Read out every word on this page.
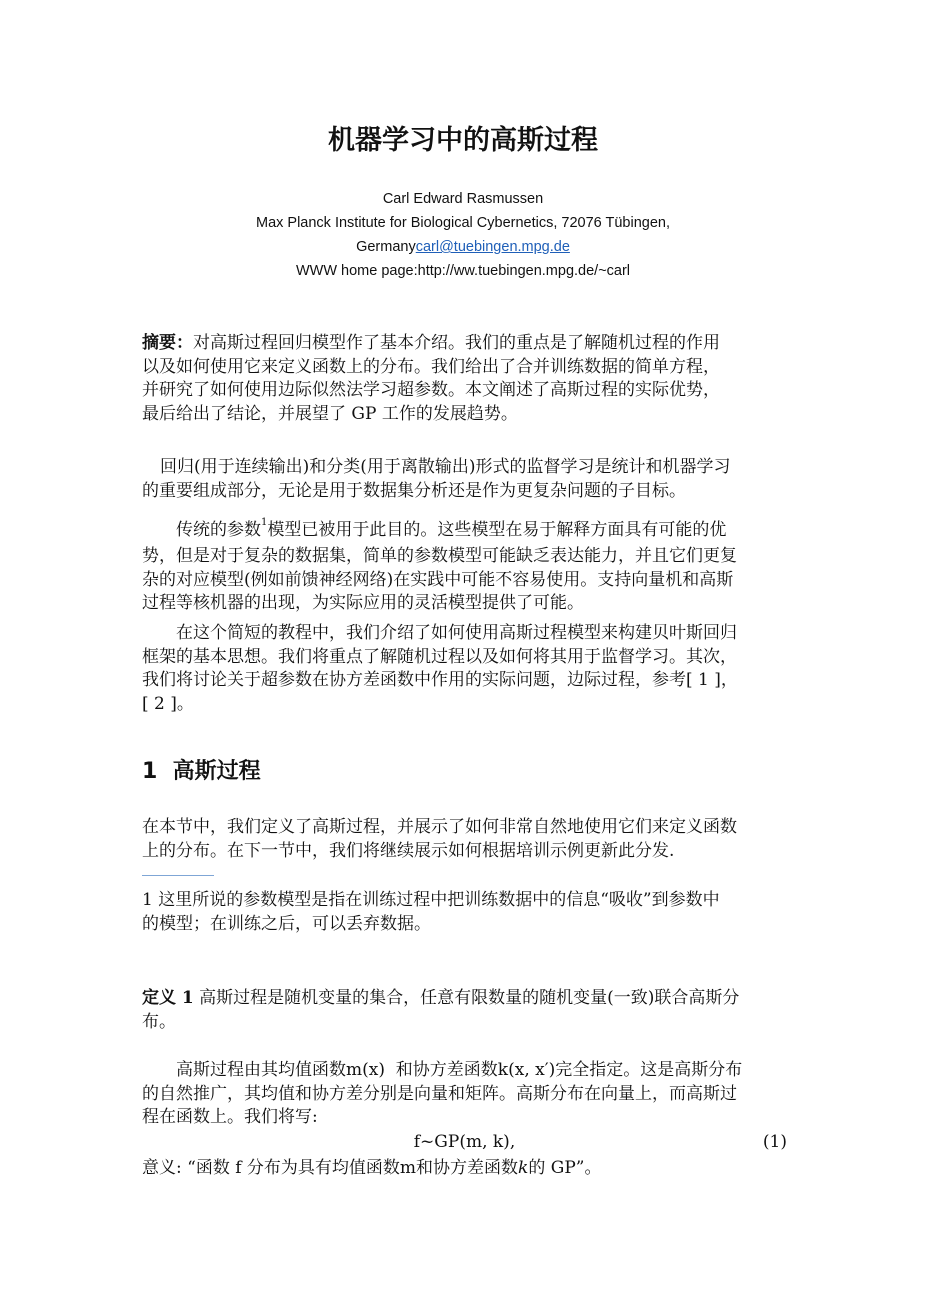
机器学习中的高斯过程
Carl Edward Rasmussen
Max Planck Institute for Biological Cybernetics, 72076 Tübingen,
Germanycarl@tuebingen.mpg.de
WWW home page:http://ww.tuebingen.mpg.de/~carl
摘要：对高斯过程回归模型作了基本介绍。我们的重点是了解随机过程的作用
以及如何使用它来定义函数上的分布。我们给出了合并训练数据的简单方程，
并研究了如何使用边际似然法学习超参数。本文阐述了高斯过程的实际优势，
最后给出了结论，并展望了 GP 工作的发展趋势。
回归(用于连续输出)和分类(用于离散输出)形式的监督学习是统计和机器学习
的重要组成部分，无论是用于数据集分析还是作为更复杂问题的子目标。
传统的参数$^1$模型已被用于此目的。这些模型在易于解释方面具有可能的优
势，但是对于复杂的数据集，简单的参数模型可能缺乏表达能力，并且它们更复
杂的对应模型(例如前馈神经网络)在实践中可能不容易使用。支持向量机和高斯
过程等核机器的出现，为实际应用的灵活模型提供了可能。
在这个简短的教程中，我们介绍了如何使用高斯过程模型来构建贝叶斯回归
框架的基本思想。我们将重点了解随机过程以及如何将其用于监督学习。其次，
我们将讨论关于超参数在协方差函数中作用的实际问题，边际过程，参考[ 1 ]，
[ 2 ]。
1 高斯过程
在本节中，我们定义了高斯过程，并展示了如何非常自然地使用它们来定义函数
上的分布。在下一节中，我们将继续展示如何根据培训示例更新此分发.
1 这里所说的参数模型是指在训练过程中把训练数据中的信息“吸收”到参数中
的模型；在训练之后，可以丢弃数据。
定义 1 高斯过程是随机变量的集合，任意有限数量的随机变量(一致)联合高斯分
布。
高斯过程由其均值函数m(x)  和协方差函数k(x, x′)完全指定。这是高斯分布
的自然推广，其均值和协方差分别是向量和矩阵。高斯分布在向量上，而高斯过
程在函数上。我们将写:
f~GP(m, k),	(1)
意义: “函数 f 分布为具有均值函数m和协方差函数k的 GP”。
